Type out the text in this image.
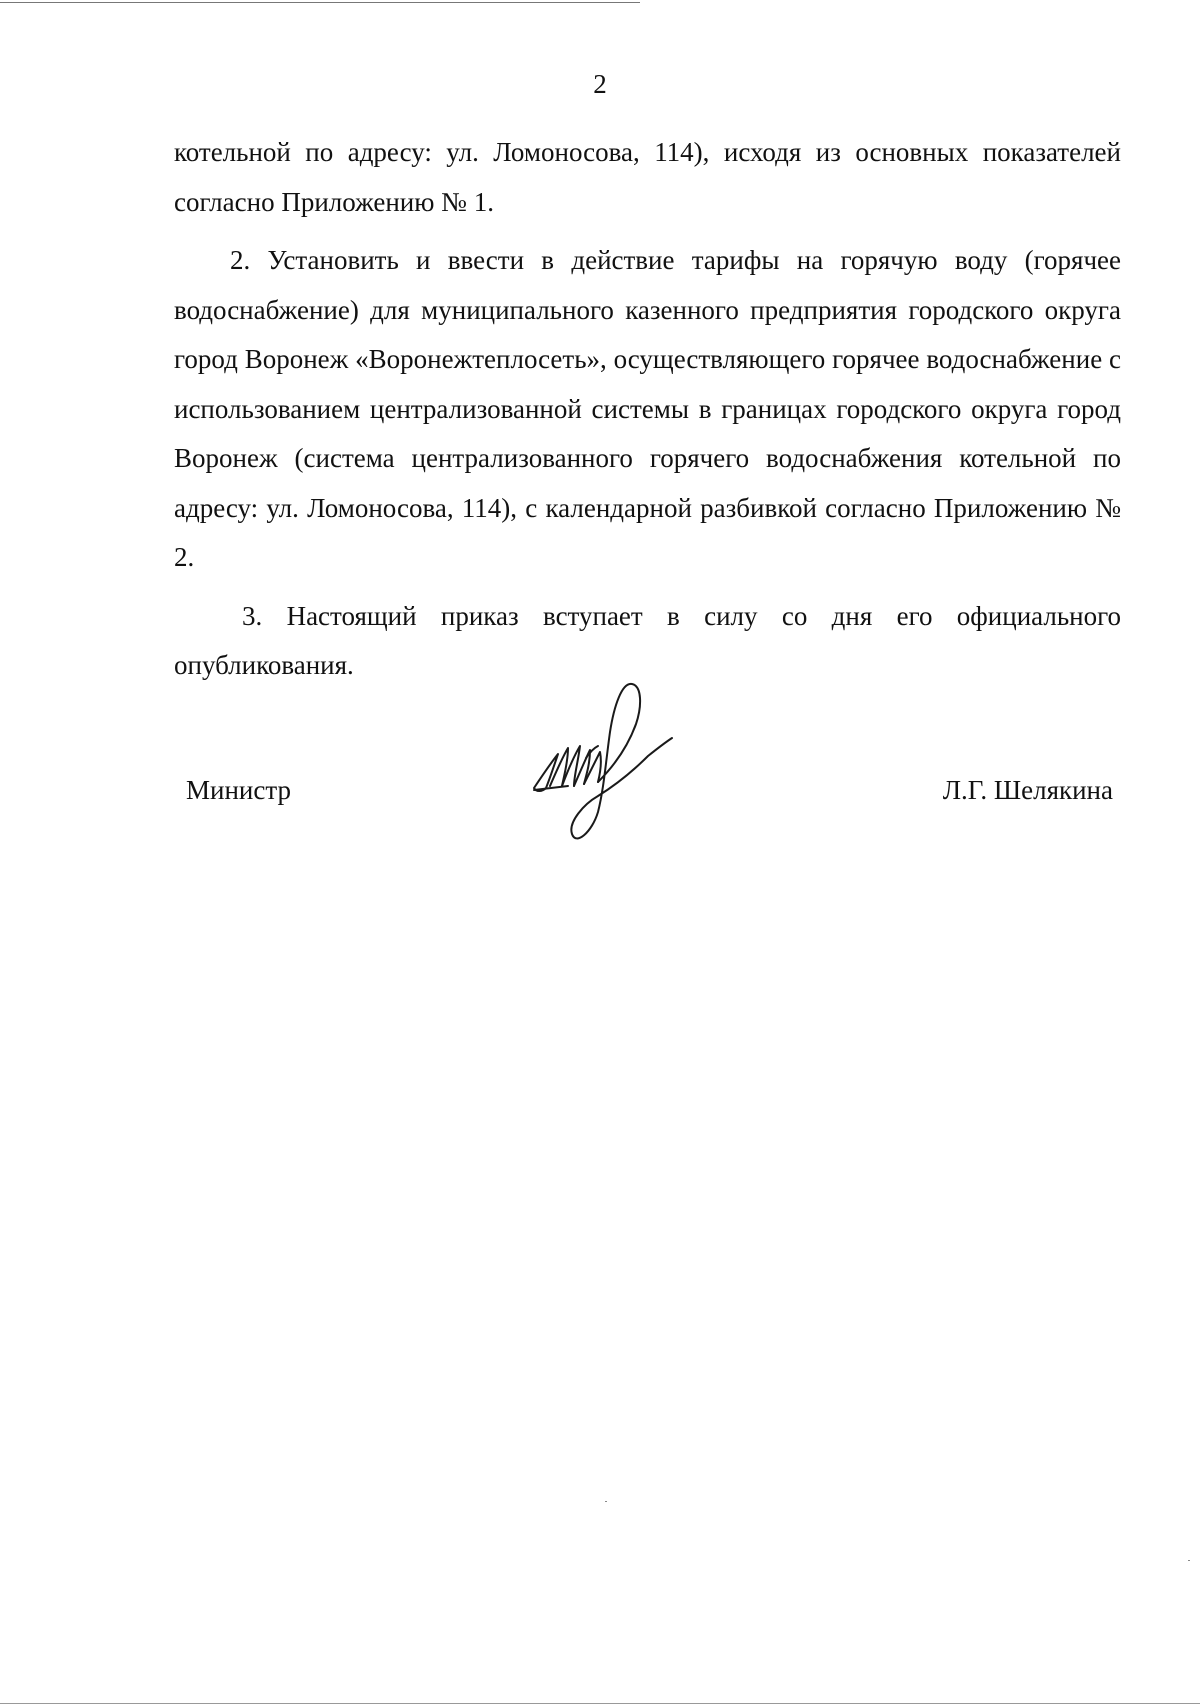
2

котельной по адресу: ул. Ломоносова, 114), исходя из основных показателей согласно Приложению № 1.

2. Установить и ввести в действие тарифы на горячую воду (горячее водоснабжение) для муниципального казенного предприятия городского округа город Воронеж «Воронежтеплосеть», осуществляющего горячее водоснабжение с использованием централизованной системы в границах городского округа город Воронеж (система централизованного горячего водоснабжения котельной по адресу: ул. Ломоносова, 114), с календарной разбивкой согласно Приложению № 2.

3. Настоящий приказ вступает в силу со дня его официального опубликования.

Министр	Л.Г. Шелякина
